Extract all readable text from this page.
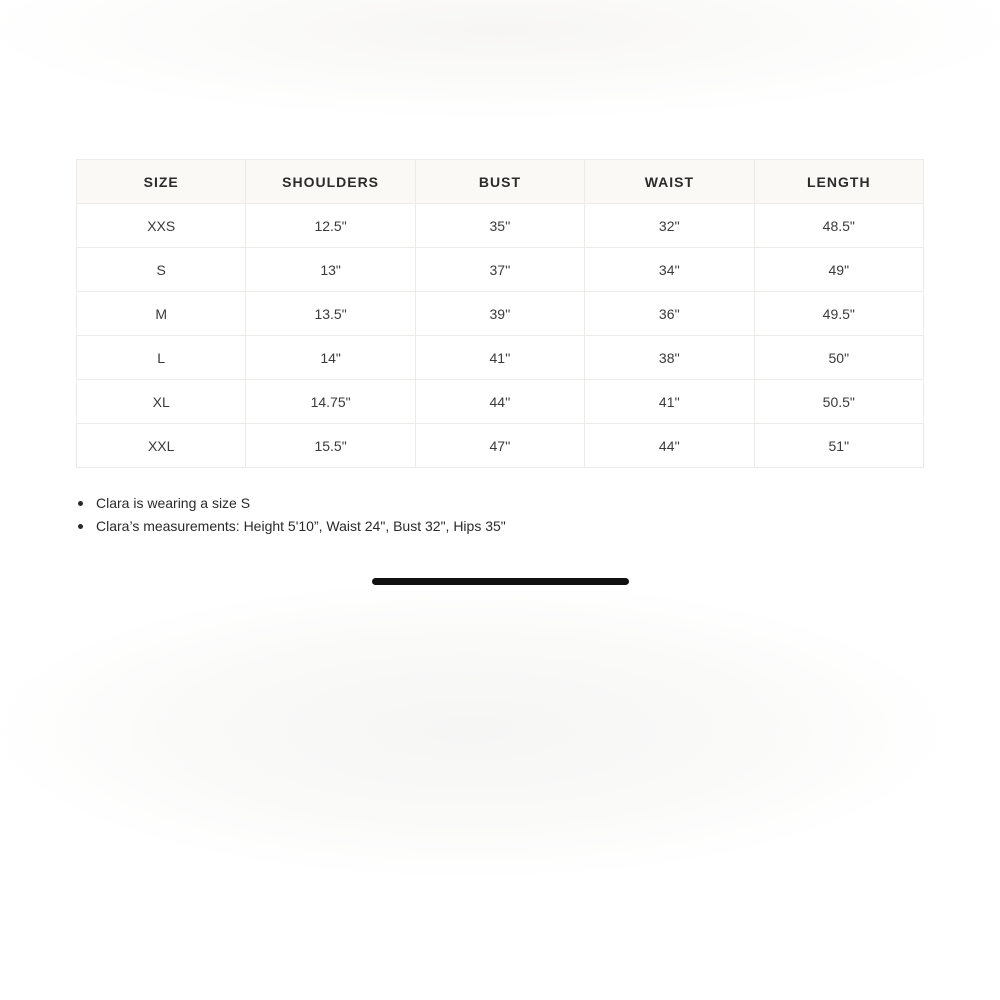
SIZE	SHOULDERS	BUST	WAIST	LENGTH
XXS	12.5"	35''	32''	48.5"
S	13"	37''	34''	49"
M	13.5"	39''	36''	49.5"
L	14"	41''	38''	50"
XL	14.75"	44''	41''	50.5"
XXL	15.5"	47''	44''	51"
Clara is wearing a size S
Clara’s measurements: Height 5'10”, Waist 24", Bust 32", Hips 35"
